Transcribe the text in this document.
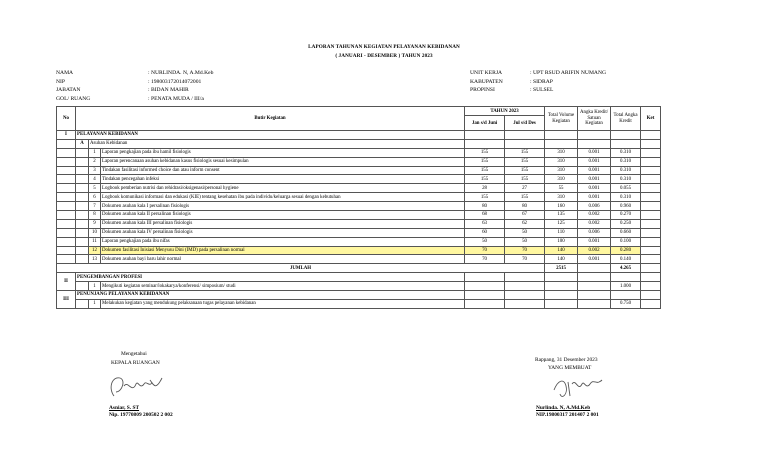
LAPORAN TAHUNAN KEGIATAN PELAYANAN KEBIDANAN
( JANUARI - DESEMBER ) TAHUN 2023
NAMA	: NURLINDA. N, A.Md.Keb
NIP	: 198003172014072001
JABATAN	: BIDAN MAHIR
GOL/ RUANG	: PENATA MUDA / III/a
UNIT KERJA	: UPT RSUD ARIFIN NUMANG
KABUPATEN	: SIDRAP
PROPINSI	: SULSEL
No	Butir Kegiatan			TAHUN 2023		Total Volume Kegiatan	Angka Kredit/ Satuan Kegiatan	Total Angka Kredit	Ket
				Jan s/d Juni	Jul s/d Des				
I	PELAYANAN KEBIDANAN								
	A	Asuhan Kebidanan							
		1	Laporan pengkajian pada ibu hamil fisiologis	155	155	310	0.001	0.310	
		2	Laporan perencanaan asuhan kebidanan kasus fisiologis sesuai kesimpulan	155	155	310	0.001	0.310	
		3	Tindakan fasilitasi informed choice dan atau inform consent	155	155	310	0.001	0.310	
		4	Tindakan pencegahan infeksi	155	155	310	0.001	0.310	
		5	Logbook pemberian nutrisi dan rehidrasi/oksigenasi/personal hygiene	28	27	55	0.001	0.055	
		6	Logbook komunikasi informasi dan edukasi (KIE) tentang kesehatan ibu pada individu/keluarga sesuai dengan kebutuhan	155	155	310	0.001	0.310	
		7	Dokumen asuhan kala I persalinan fisiologis	80	80	160	0.006	0.960	
		8	Dokumen asuhan kala II persalinan fisiologis	68	67	135	0.002	0.270	
		9	Dokumen asuhan kala III persalinan fisiologis	63	62	125	0.002	0.250	
		10	Dokumen asuhan kala IV persalinan fisiologis	60	50	110	0.006	0.660	
		11	Laporan pengkajian pada ibu nifas	50	50	100	0.001	0.100	
		12	Dokumen fasilitasi Inisiasi Menyusu Dini (IMD) pada persalinan normal	70	70	140	0.002	0.280	
		13	Dokumen asuhan bayi baru lahir normal	70	70	140	0.001	0.140	
JUMLAH						2515		4.265	
II	PENGEMBANGAN PROFESI								
		1	Mengikuti kegiatan seminar/lokakarya/konferensi/ simposium/ studi					1.000	
III	PENUNJANG PELAYANAN KEBIDANAN								
		1	Melakukan kegiatan yang mendukung pelaksanaan tugas pelayanan kebidanan					0.750	
Mengetahui
KEPALA RUANGAN
Asniar, S. ST
Nip. 19770809 200502 2 002
Rappang, 31 Desember 2023
YANG MEMBUAT
Nurlinda. N, A.Md.Keb
NIP.19800317 201407 2 001
